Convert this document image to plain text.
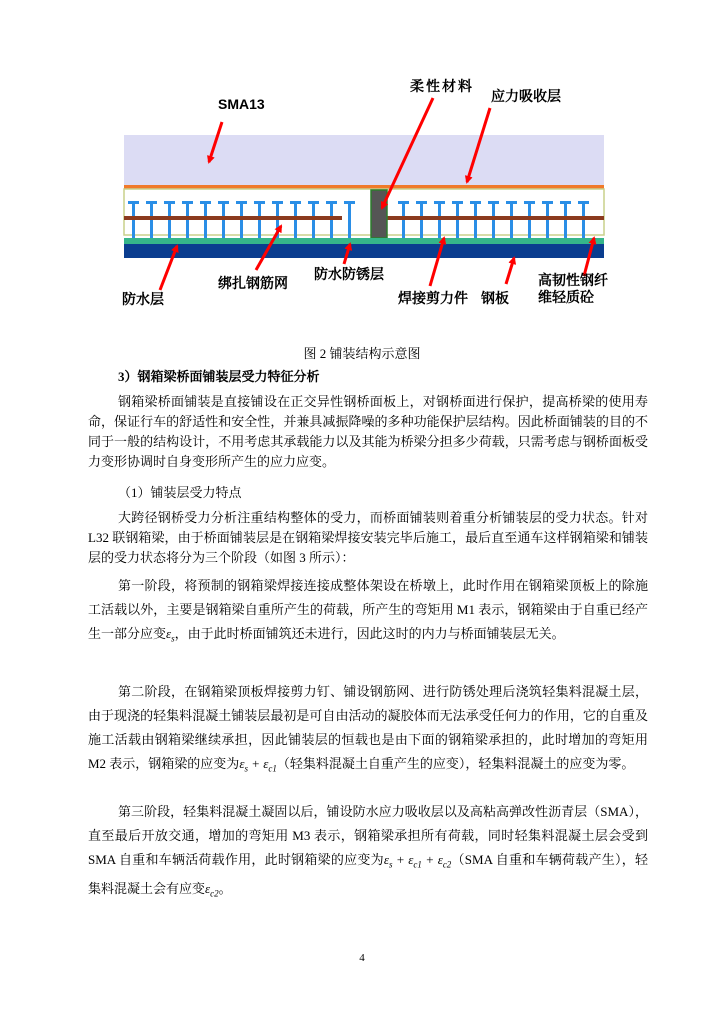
SMA13
柔性材料
应力吸收层
绑扎钢筋网
防水防锈层
防水层	焊接剪力件 钢板
高韧性钢纤
维轻质砼
图 2 铺装结构示意图
3）钢箱梁桥面铺装层受力特征分析
钢箱梁桥面铺装是直接铺设在正交异性钢桥面板上，对钢桥面进行保护，提高桥梁的使用寿命，保证行车的舒适性和安全性，并兼具减振降噪的多种功能保护层结构。因此桥面铺装的目的不同于一般的结构设计，不用考虑其承载能力以及其能为桥梁分担多少荷载，只需考虑与钢桥面板受力变形协调时自身变形所产生的应力应变。
（1）铺装层受力特点
大跨径钢桥受力分析注重结构整体的受力，而桥面铺装则着重分析铺装层的受力状态。针对 L32 联钢箱梁，由于桥面铺装层是在钢箱梁焊接安装完毕后施工，最后直至通车这样钢箱梁和铺装层的受力状态将分为三个阶段（如图 3 所示）：
第一阶段，将预制的钢箱梁焊接连接成整体架设在桥墩上，此时作用在钢箱梁顶板上的除施工活载以外，主要是钢箱梁自重所产生的荷载，所产生的弯矩用 M1 表示，钢箱梁由于自重已经产生一部分应变$\varepsilon_s$，由于此时桥面铺筑还未进行，因此这时的内力与桥面铺装层无关。
第二阶段，在钢箱梁顶板焊接剪力钉、铺设钢筋网、进行防锈处理后浇筑轻集料混凝土层，由于现浇的轻集料混凝土铺装层最初是可自由活动的凝胶体而无法承受任何力的作用，它的自重及施工活载由钢箱梁继续承担，因此铺装层的恒载也是由下面的钢箱梁承担的，此时增加的弯矩用 M2 表示，钢箱梁的应变为$\varepsilon_s + \varepsilon_{c1}$（轻集料混凝土自重产生的应变），轻集料混凝土的应变为零。
第三阶段，轻集料混凝土凝固以后，铺设防水应力吸收层以及高粘高弹改性沥青层（SMA），直至最后开放交通，增加的弯矩用 M3 表示，钢箱梁承担所有荷载，同时轻集料混凝土层会受到 SMA 自重和车辆活荷载作用，此时钢箱梁的应变为$\varepsilon_s + \varepsilon_{c1} + \varepsilon_{c2}(SMA$ 自重和车辆荷载产生），轻集料混凝土会有应变$\varepsilon_{c2}$。
4
